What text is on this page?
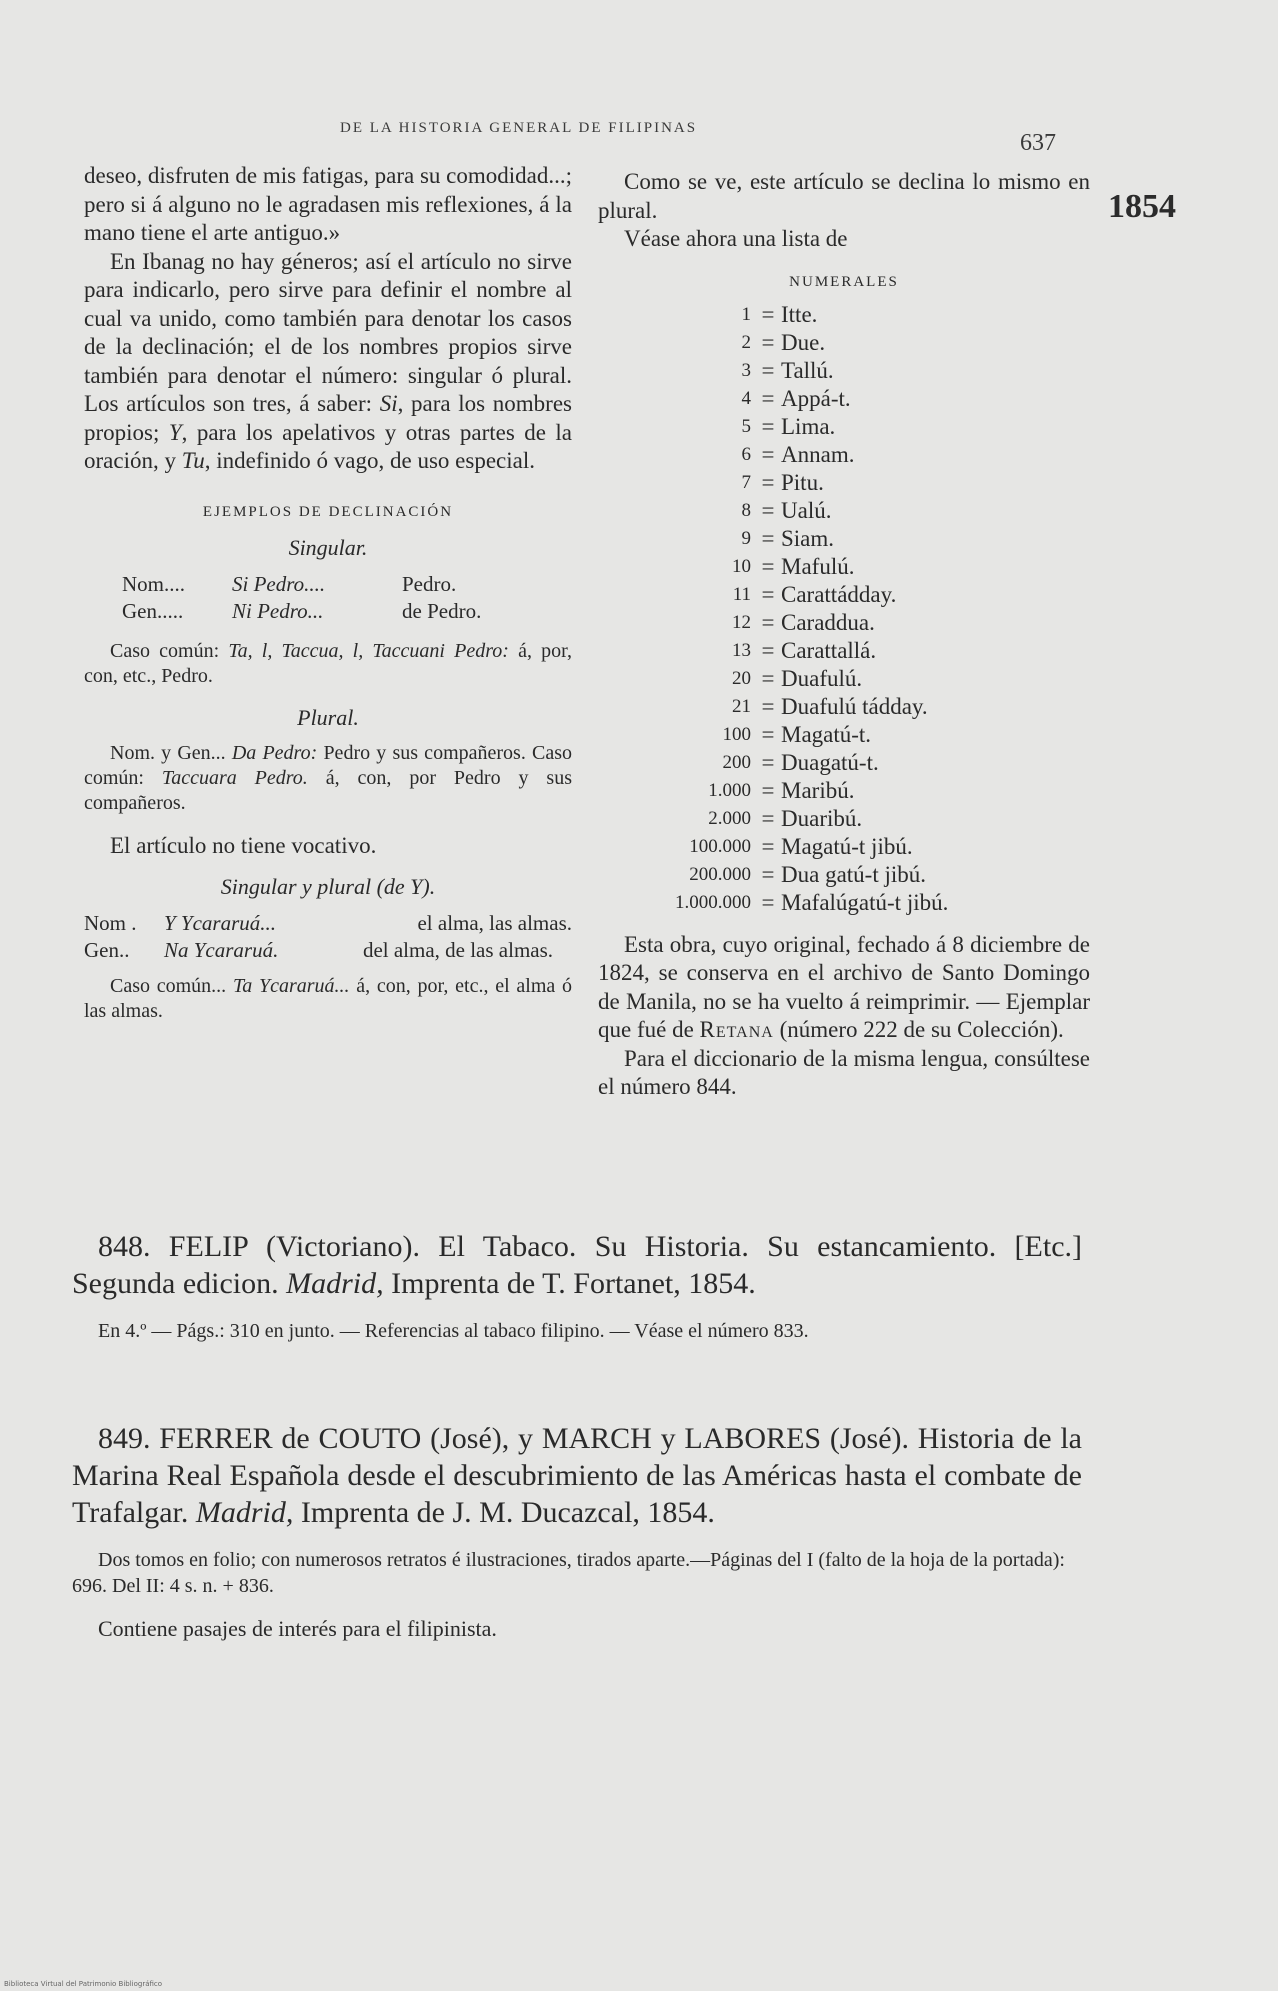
DE LA HISTORIA GENERAL DE FILIPINAS
637
1854

deseo, disfruten de mis fatigas, para su comodidad...; pero si á alguno no le agradasen mis reflexiones, á la mano tiene el arte antiguo.»

En Ibanag no hay géneros; así el artículo no sirve para indicarlo, pero sirve para definir el nombre al cual va unido, como también para denotar los casos de la declinación; el de los nombres propios sirve también para denotar el número: singular ó plural. Los artículos son tres, á saber: Si, para los nombres propios; Y, para los apelativos y otras partes de la oración, y Tu, indefinido ó vago, de uso especial.

EJEMPLOS DE DECLINACIÓN
Singular.
Nom....	Si Pedro....	Pedro.
Gen.....	Ni Pedro...	de Pedro.

Caso común: Ta, l, Taccua, l, Taccuani Pedro: á, por, con, etc., Pedro.

Plural.

Nom. y Gen... Da Pedro: Pedro y sus compañeros. Caso común: Taccuara Pedro. á, con, por Pedro y sus compañeros.

El artículo no tiene vocativo.

Singular y plural (de Y).
Nom .	Y Ycararuá...	el alma, las almas.
Gen..	Na Ycararuá.	del alma, de las almas.

Caso común... Ta Ycararuá... á, con, por, etc., el alma ó las almas.

Como se ve, este artículo se declina lo mismo en plural.

Véase ahora una lista de

NUMERALES
1 = Itte.
2 = Due.
3 = Tallú.
4 = Appá-t.
5 = Lima.
6 = Annam.
7 = Pitu.
8 = Ualú.
9 = Siam.
10 = Mafulú.
11 = Carattádday.
12 = Caraddua.
13 = Carattallá.
20 = Duafulú.
21 = Duafulú tádday.
100 = Magatú-t.
200 = Duagatú-t.
1.000 = Maribú.
2.000 = Duaribú.
100.000 = Magatú-t jibú.
200.000 = Dua gatú-t jibú.
1.000.000 = Mafalúgatú-t jibú.

Esta obra, cuyo original, fechado á 8 diciembre de 1824, se conserva en el archivo de Santo Domingo de Manila, no se ha vuelto á reimprimir. — Ejemplar que fué de Retana (número 222 de su Colección).

Para el diccionario de la misma lengua, consúltese el número 844.

848. FELIP (Victoriano). El Tabaco. Su Historia. Su estancamiento. [Etc.] Segunda edicion. Madrid, Imprenta de T. Fortanet, 1854.

En 4.º — Págs.: 310 en junto. — Referencias al tabaco filipino. — Véase el número 833.

849. FERRER de COUTO (José), y MARCH y LABORES (José). Historia de la Marina Real Española desde el descubrimiento de las Américas hasta el combate de Trafalgar. Madrid, Imprenta de J. M. Ducazcal, 1854.

Dos tomos en folio; con numerosos retratos é ilustraciones, tirados aparte.—Páginas del I (falto de la hoja de la portada): 696. Del II: 4 s. n. + 836.

Contiene pasajes de interés para el filipinista.

Biblioteca Virtual del Patrimonio Bibliográfico
